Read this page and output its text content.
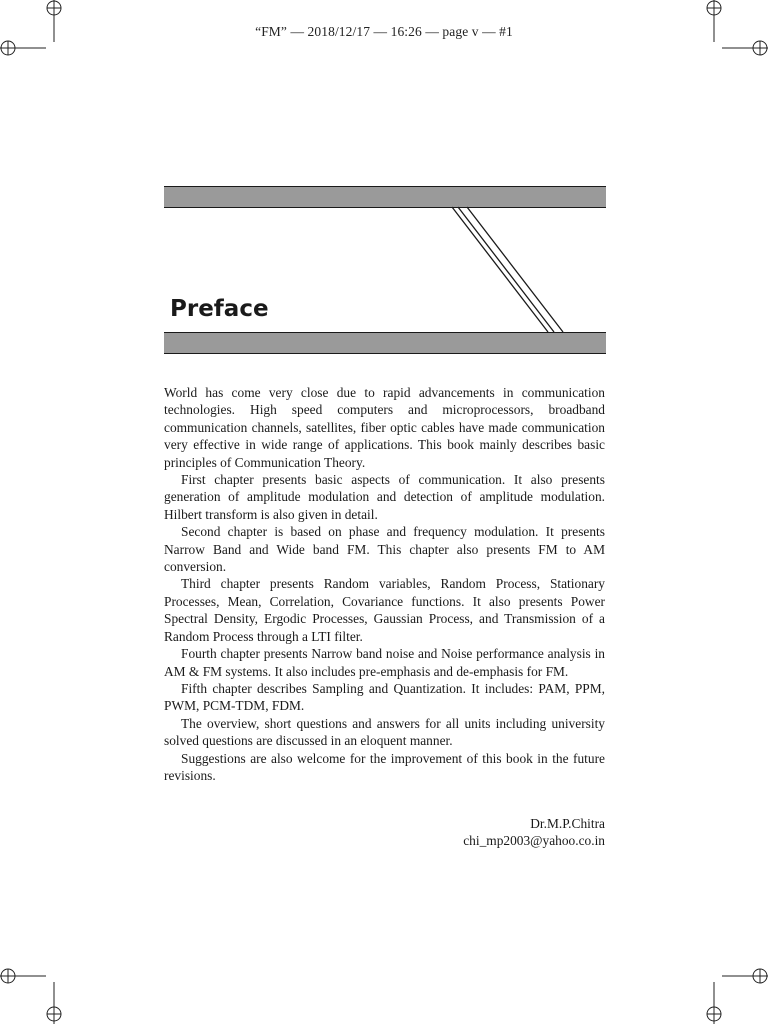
“FM” — 2018/12/17 — 16:26 — page v — #1
Preface

World has come very close due to rapid advancements in communication technologies. High speed computers and microprocessors, broadband communication channels, satellites, fiber optic cables have made communication very effective in wide range of applications. This book mainly describes basic principles of Communication Theory.

First chapter presents basic aspects of communication. It also presents generation of amplitude modulation and detection of amplitude modulation. Hilbert transform is also given in detail.

Second chapter is based on phase and frequency modulation. It presents Narrow Band and Wide band FM. This chapter also presents FM to AM conversion.

Third chapter presents Random variables, Random Process, Stationary Processes, Mean, Correlation, Covariance functions. It also presents Power Spectral Density, Ergodic Processes, Gaussian Process, and Transmission of a Random Process through a LTI filter.

Fourth chapter presents Narrow band noise and Noise performance analysis in AM & FM systems. It also includes pre-emphasis and de-emphasis for FM.

Fifth chapter describes Sampling and Quantization. It includes: PAM, PPM, PWM, PCM-TDM, FDM.

The overview, short questions and answers for all units including university solved questions are discussed in an eloquent manner.

Suggestions are also welcome for the improvement of this book in the future revisions.

Dr.M.P.Chitra
chi_mp2003@yahoo.co.in
